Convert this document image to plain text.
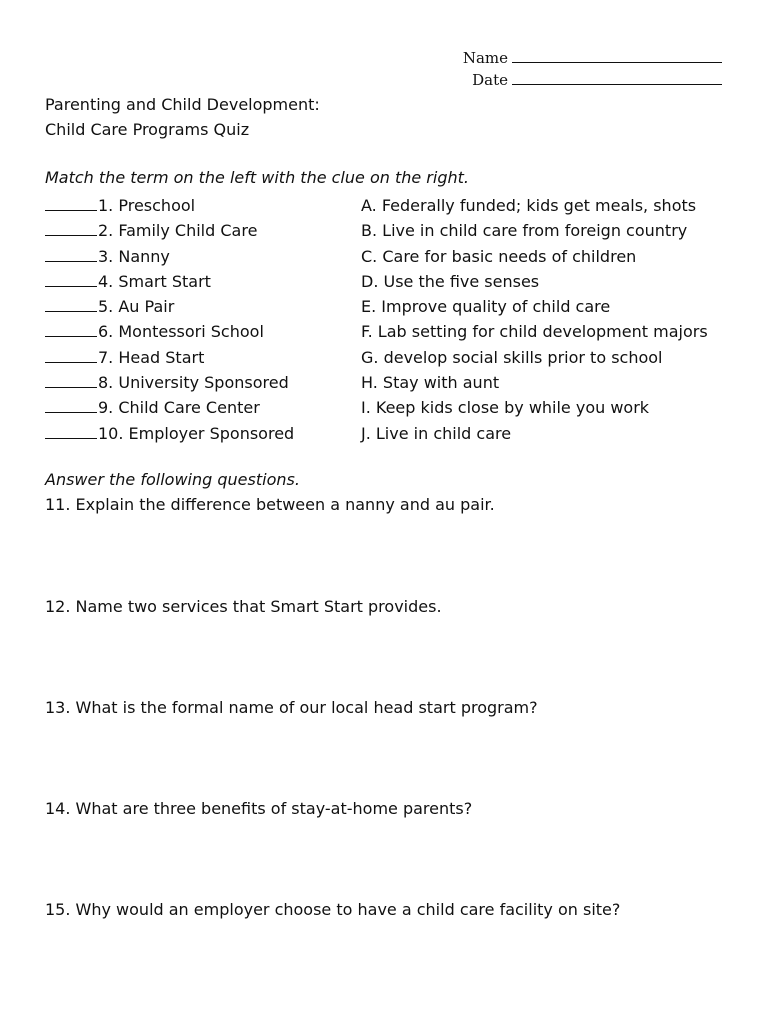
Name
Date
Parenting and Child Development:
Child Care Programs Quiz
Match the term on the left with the clue on the right.
1. Preschool	A. Federally funded; kids get meals, shots
2. Family Child Care	B. Live in child care from foreign country
3. Nanny	C. Care for basic needs of children
4. Smart Start	D. Use the five senses
5. Au Pair	E. Improve quality of child care
6. Montessori School	F. Lab setting for child development majors
7. Head Start	G. develop social skills prior to school
8. University Sponsored	H. Stay with aunt
9. Child Care Center	I. Keep kids close by while you work
10. Employer Sponsored	J. Live in child care
Answer the following questions.
11. Explain the difference between a nanny and au pair.
12. Name two services that Smart Start provides.
13. What is the formal name of our local head start program?
14. What are three benefits of stay-at-home parents?
15. Why would an employer choose to have a child care facility on site?
